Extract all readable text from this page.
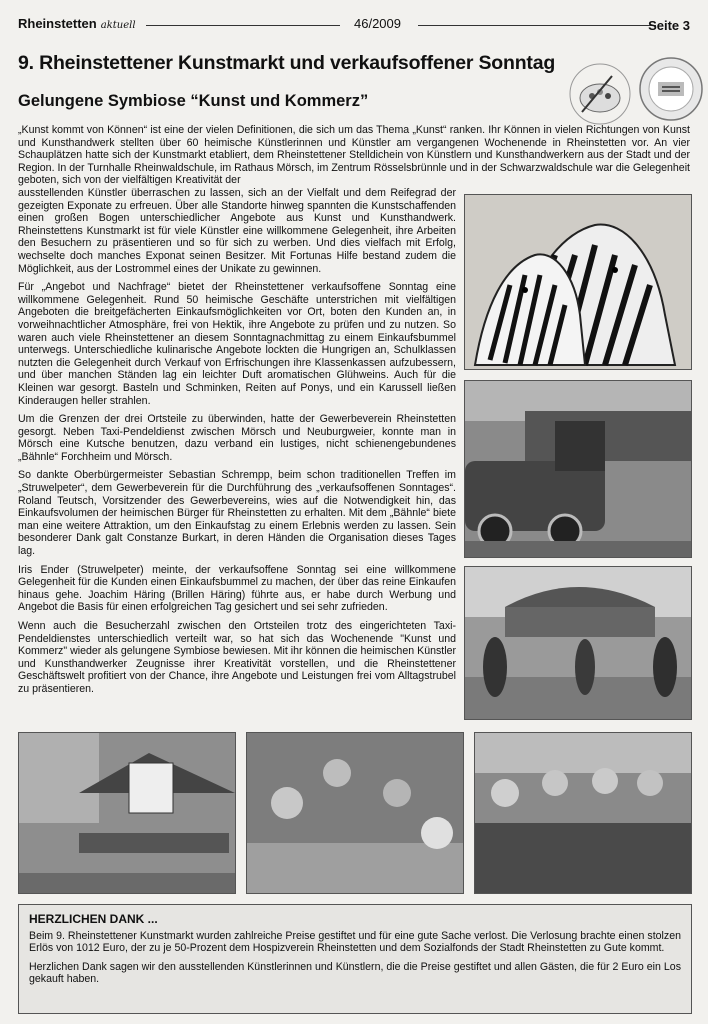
Rheinstetten aktuell	46/2009	Seite 3
9. Rheinstettener Kunstmarkt und verkaufsoffener Sonntag
Gelungene Symbiose “Kunst und Kommerz”

„Kunst kommt von Können“ ist eine der vielen Definitionen, die sich um das Thema „Kunst“ ranken. Ihr Können in vielen Richtungen von Kunst und Kunsthandwerk stellten über 60 heimische Künstlerinnen und Künstler am vergangenen Wochenende in Rheinstetten vor. An vier Schauplätzen hatte sich der Kunstmarkt etabliert, dem Rheinstettener Stelldichein von Künstlern und Kunsthandwerkern aus der Stadt und der Region. In der Turnhalle Rheinwaldschule, im Rathaus Mörsch, im Zentrum Rösselsbrünnle und in der Schwarzwaldschule war die Gelegenheit geboten, sich von der vielfältigen Kreativität der

ausstellenden Künstler überraschen zu lassen, sich an der Vielfalt und dem Reifegrad der gezeigten Exponate zu erfreuen. Über alle Standorte hinweg spannten die Kunstschaffenden einen großen Bogen unterschiedlicher Angebote aus Kunst und Kunsthandwerk. Rheinstettens Kunstmarkt ist für viele Künstler eine willkommene Gelegenheit, ihre Arbeiten den Besuchern zu präsentieren und so für sich zu werben. Und dies vielfach mit Erfolg, wechselte doch manches Exponat seinen Besitzer. Mit Fortunas Hilfe bestand zudem die Möglichkeit, aus der Lostrommel eines der Unikate zu gewinnen.

Für „Angebot und Nachfrage“ bietet der Rheinstettener verkaufsoffene Sonntag eine willkommene Gelegenheit. Rund 50 heimische Geschäfte unterstrichen mit vielfältigen Angeboten die breitgefächerten Einkaufsmöglichkeiten vor Ort, boten den Kunden an, in vorweihnachtlicher Atmosphäre, frei von Hektik, ihre Angebote zu prüfen und zu nutzen. So waren auch viele Rheinstettener an diesem Sonntagnachmittag zu einem Einkaufsbummel unterwegs. Unterschiedliche kulinarische Angebote lockten die Hungrigen an, Schulklassen nutzten die Gelegenheit durch Verkauf von Erfrischungen ihre Klassenkassen aufzubessern, und über manchen Ständen lag ein leichter Duft aromatischen Glühweins. Auch für die Kleinen war gesorgt. Basteln und Schminken, Reiten auf Ponys, und ein Karussell ließen Kinderaugen heller strahlen.

Um die Grenzen der drei Ortsteile zu überwinden, hatte der Gewerbeverein Rheinstetten gesorgt. Neben Taxi-Pendeldienst zwischen Mörsch und Neuburgweier, konnte man in Mörsch eine Kutsche benutzen, dazu verband ein lustiges, nicht schienengebundenes „Bähnle“ Forchheim und Mörsch.

So dankte Oberbürgermeister Sebastian Schrempp, beim schon traditionellen Treffen im „Struwelpeter“, dem Gewerbeverein für die Durchführung des „verkaufsoffenen Sonntages“. Roland Teutsch, Vorsitzender des Gewerbevereins, wies auf die Notwendigkeit hin, das Einkaufsvolumen der heimischen Bürger für Rheinstetten zu erhalten. Mit dem „Bähnle“ biete man eine weitere Attraktion, um den Einkaufstag zu einem Erlebnis werden zu lassen. Sein besonderer Dank galt Constanze Burkart, in deren Händen die Organisation dieses Tages lag.

Iris Ender (Struwelpeter) meinte, der verkaufsoffene Sonntag sei eine willkommene Gelegenheit für die Kunden einen Einkaufsbummel zu machen, der über das reine Einkaufen hinaus gehe. Joachim Häring (Brillen Häring) führte aus, er habe durch Werbung und Angebot die Basis für einen erfolgreichen Tag gesichert und sei sehr zufrieden.

Wenn auch die Besucherzahl zwischen den Ortsteilen trotz des eingerichteten Taxi-Pendeldienstes unterschiedlich verteilt war, so hat sich das Wochenende "Kunst und Kommerz" wieder als gelungene Symbiose bewiesen. Mit ihr können die heimischen Künstler und Kunsthandwerker Zeugnisse ihrer Kreativität vorstellen, und die Rheinstettener Geschäftswelt profitiert von der Chance, ihre Angebote und Leistungen frei vom Alltagstrubel zu präsentieren.

HERZLICHEN DANK ...

Beim 9. Rheinstettener Kunstmarkt wurden zahlreiche Preise gestiftet und für eine gute Sache verlost. Die Verlosung brachte einen stolzen Erlös von 1012 Euro, der zu je 50-Prozent dem Hospizverein Rheinstetten und dem Sozialfonds der Stadt Rheinstetten zu Gute kommt.

Herzlichen Dank sagen wir den ausstellenden Künstlerinnen und Künstlern, die die Preise gestiftet und allen Gästen, die für 2 Euro ein Los gekauft haben.
